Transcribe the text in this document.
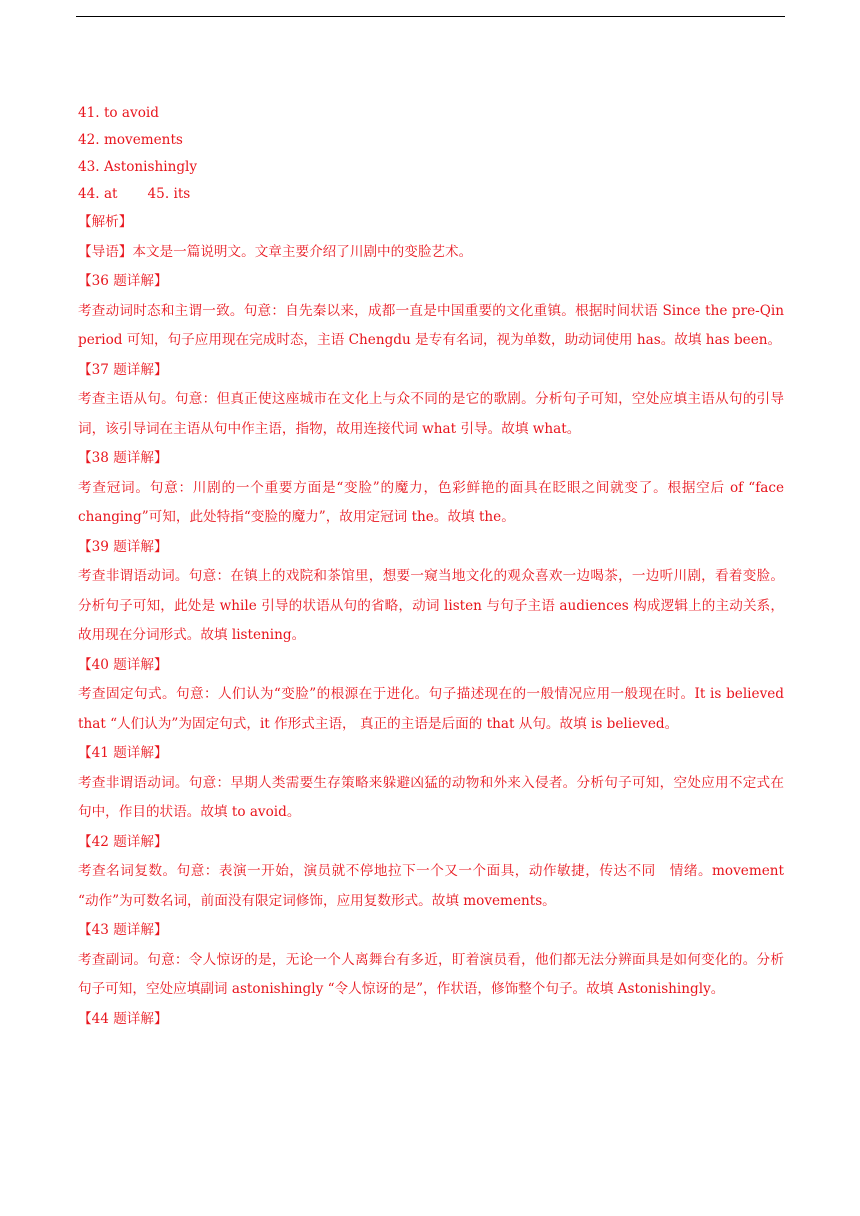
41. to avoid
42. movements
43. Astonishingly
44. at 45. its
【解析】
【导语】本文是一篇说明文。文章主要介绍了川剧中的变脸艺术。
【36 题详解】
考查动词时态和主谓一致。句意：自先秦以来，成都一直是中国重要的文化重镇。根据时间状语 Since the pre-Qin period 可知，句子应用现在完成时态，主语 Chengdu 是专有名词，视为单数，助动词使用 has。故填 has been。
【37 题详解】
考查主语从句。句意：但真正使这座城市在文化上与众不同的是它的歌剧。分析句子可知，空处应填主语从句的引导词，该引导词在主语从句中作主语，指物，故用连接代词 what 引导。故填 what。
【38 题详解】
考查冠词。句意：川剧的一个重要方面是“变脸”的魔力，色彩鲜艳的面具在眨眼之间就变了。根据空后 of “face changing”可知，此处特指“变脸的魔力”，故用定冠词 the。故填 the。
【39 题详解】
考查非谓语动词。句意：在镇上的戏院和茶馆里，想要一窥当地文化的观众喜欢一边喝茶，一边听川剧，看着变脸。分析句子可知，此处是 while 引导的状语从句的省略，动词 listen 与句子主语 audiences 构成逻辑上的主动关系，故用现在分词形式。故填 listening。
【40 题详解】
考查固定句式。句意：人们认为“变脸”的根源在于进化。句子描述现在的一般情况应用一般现在时。It is believed that “人们认为”为固定句式，it 作形式主语， 真正的主语是后面的 that 从句。故填 is believed。
【41 题详解】
考查非谓语动词。句意：早期人类需要生存策略来躲避凶猛的动物和外来入侵者。分析句子可知，空处应用不定式在句中，作目的状语。故填 to avoid。
【42 题详解】
考查名词复数。句意：表演一开始，演员就不停地拉下一个又一个面具，动作敏捷，传达不同　情绪。movement “动作”为可数名词，前面没有限定词修饰，应用复数形式。故填 movements。
【43 题详解】
考查副词。句意：令人惊讶的是，无论一个人离舞台有多近，盯着演员看，他们都无法分辨面具是如何变化的。分析句子可知，空处应填副词 astonishingly “令人惊讶的是”，作状语，修饰整个句子。故填 Astonishingly。
【44 题详解】
